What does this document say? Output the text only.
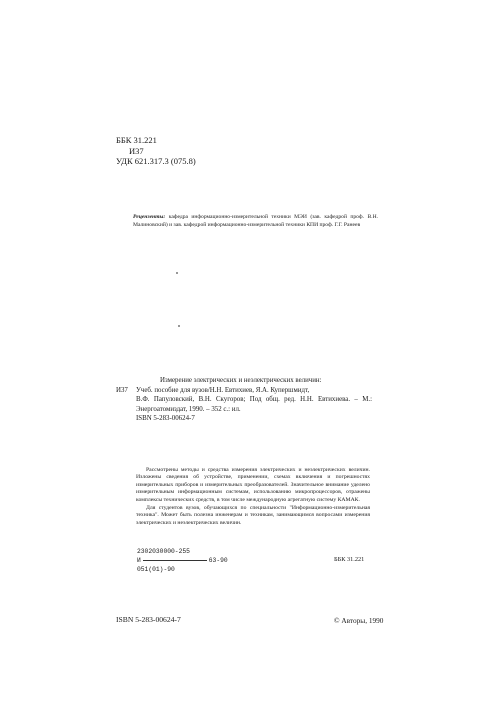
ББК 31.221
И37
УДК 621.317.3 (075.8)
Рецензенты: кафедра информационно-измерительной техники МЭИ (зав. кафедрой проф. В.Н. Малиновский) и зав. кафедрой информационно-измерительной техники КПИ проф. Г.Г. Ранеев
И37

Измерение электрических и неэлектрических величин:

Учеб. пособие для вузов/Н.Н. Евтихиев, Я.А. Купершмидт,

В.Ф. Папуловский, В.Н. Скугоров; Под общ. ред. Н.Н. Евтихиева. – М.: Энергоатомиздат, 1990. – 352 с.: ил.

ISBN 5-283-00624-7

Рассмотрены методы и средства измерения электрических и неэлектрических величин. Изложены сведения об устройстве, применении, схемах включения и погрешностях измерительных приборов и измерительных преобразователей. Значительное внимание уделено измерительным информационным системам, использованию микропроцессоров, отражены комплексы технических средств, в том числе международную агрегатную систему КАМАК.

Для студентов вузов, обучающихся по специальности "Информационно-измерительная техника". Может быть полезна инженерам и техникам, занимающимся вопросами измерения электрических и неэлектрических величин.

2302030000-255
И	63-90
051(01)-90
ББК 31.221
ISBN 5-283-00624-7	© Авторы, 1990
